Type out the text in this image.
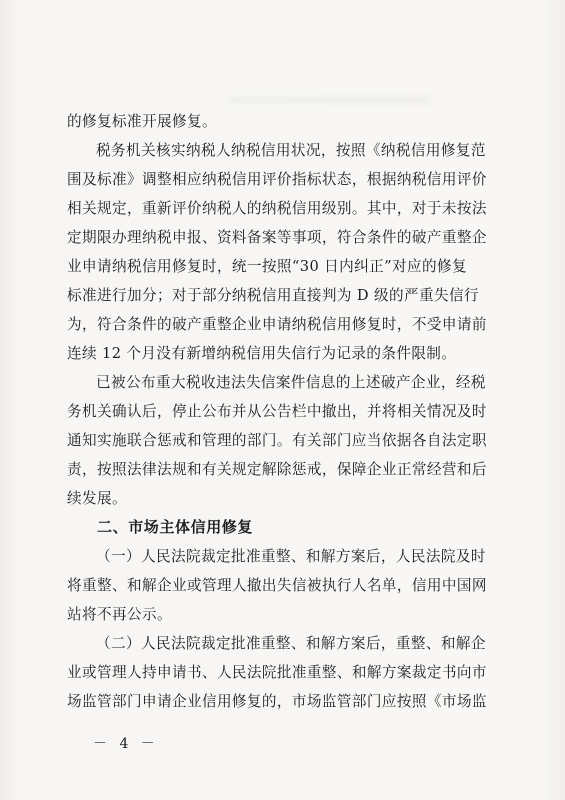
的修复标准开展修复。

税务机关核实纳税人纳税信用状况，按照《纳税信用修复范
围及标准》调整相应纳税信用评价指标状态，根据纳税信用评价
相关规定，重新评价纳税人的纳税信用级别。其中，对于未按法
定期限办理纳税申报、资料备案等事项，符合条件的破产重整企
业申请纳税信用修复时，统一按照“30 日内纠正”对应的修复
标准进行加分；对于部分纳税信用直接判为 D 级的严重失信行
为，符合条件的破产重整企业申请纳税信用修复时，不受申请前
连续 12 个月没有新增纳税信用失信行为记录的条件限制。

已被公布重大税收违法失信案件信息的上述破产企业，经税
务机关确认后，停止公布并从公告栏中撤出，并将相关情况及时
通知实施联合惩戒和管理的部门。有关部门应当依据各自法定职
责，按照法律法规和有关规定解除惩戒，保障企业正常经营和后
续发展。

二、市场主体信用修复

（一）人民法院裁定批准重整、和解方案后，人民法院及时
将重整、和解企业或管理人撤出失信被执行人名单，信用中国网
站将不再公示。

（二）人民法院裁定批准重整、和解方案后，重整、和解企
业或管理人持申请书、人民法院批准重整、和解方案裁定书向市
场监管部门申请企业信用修复的，市场监管部门应按照《市场监

－ 4 －
